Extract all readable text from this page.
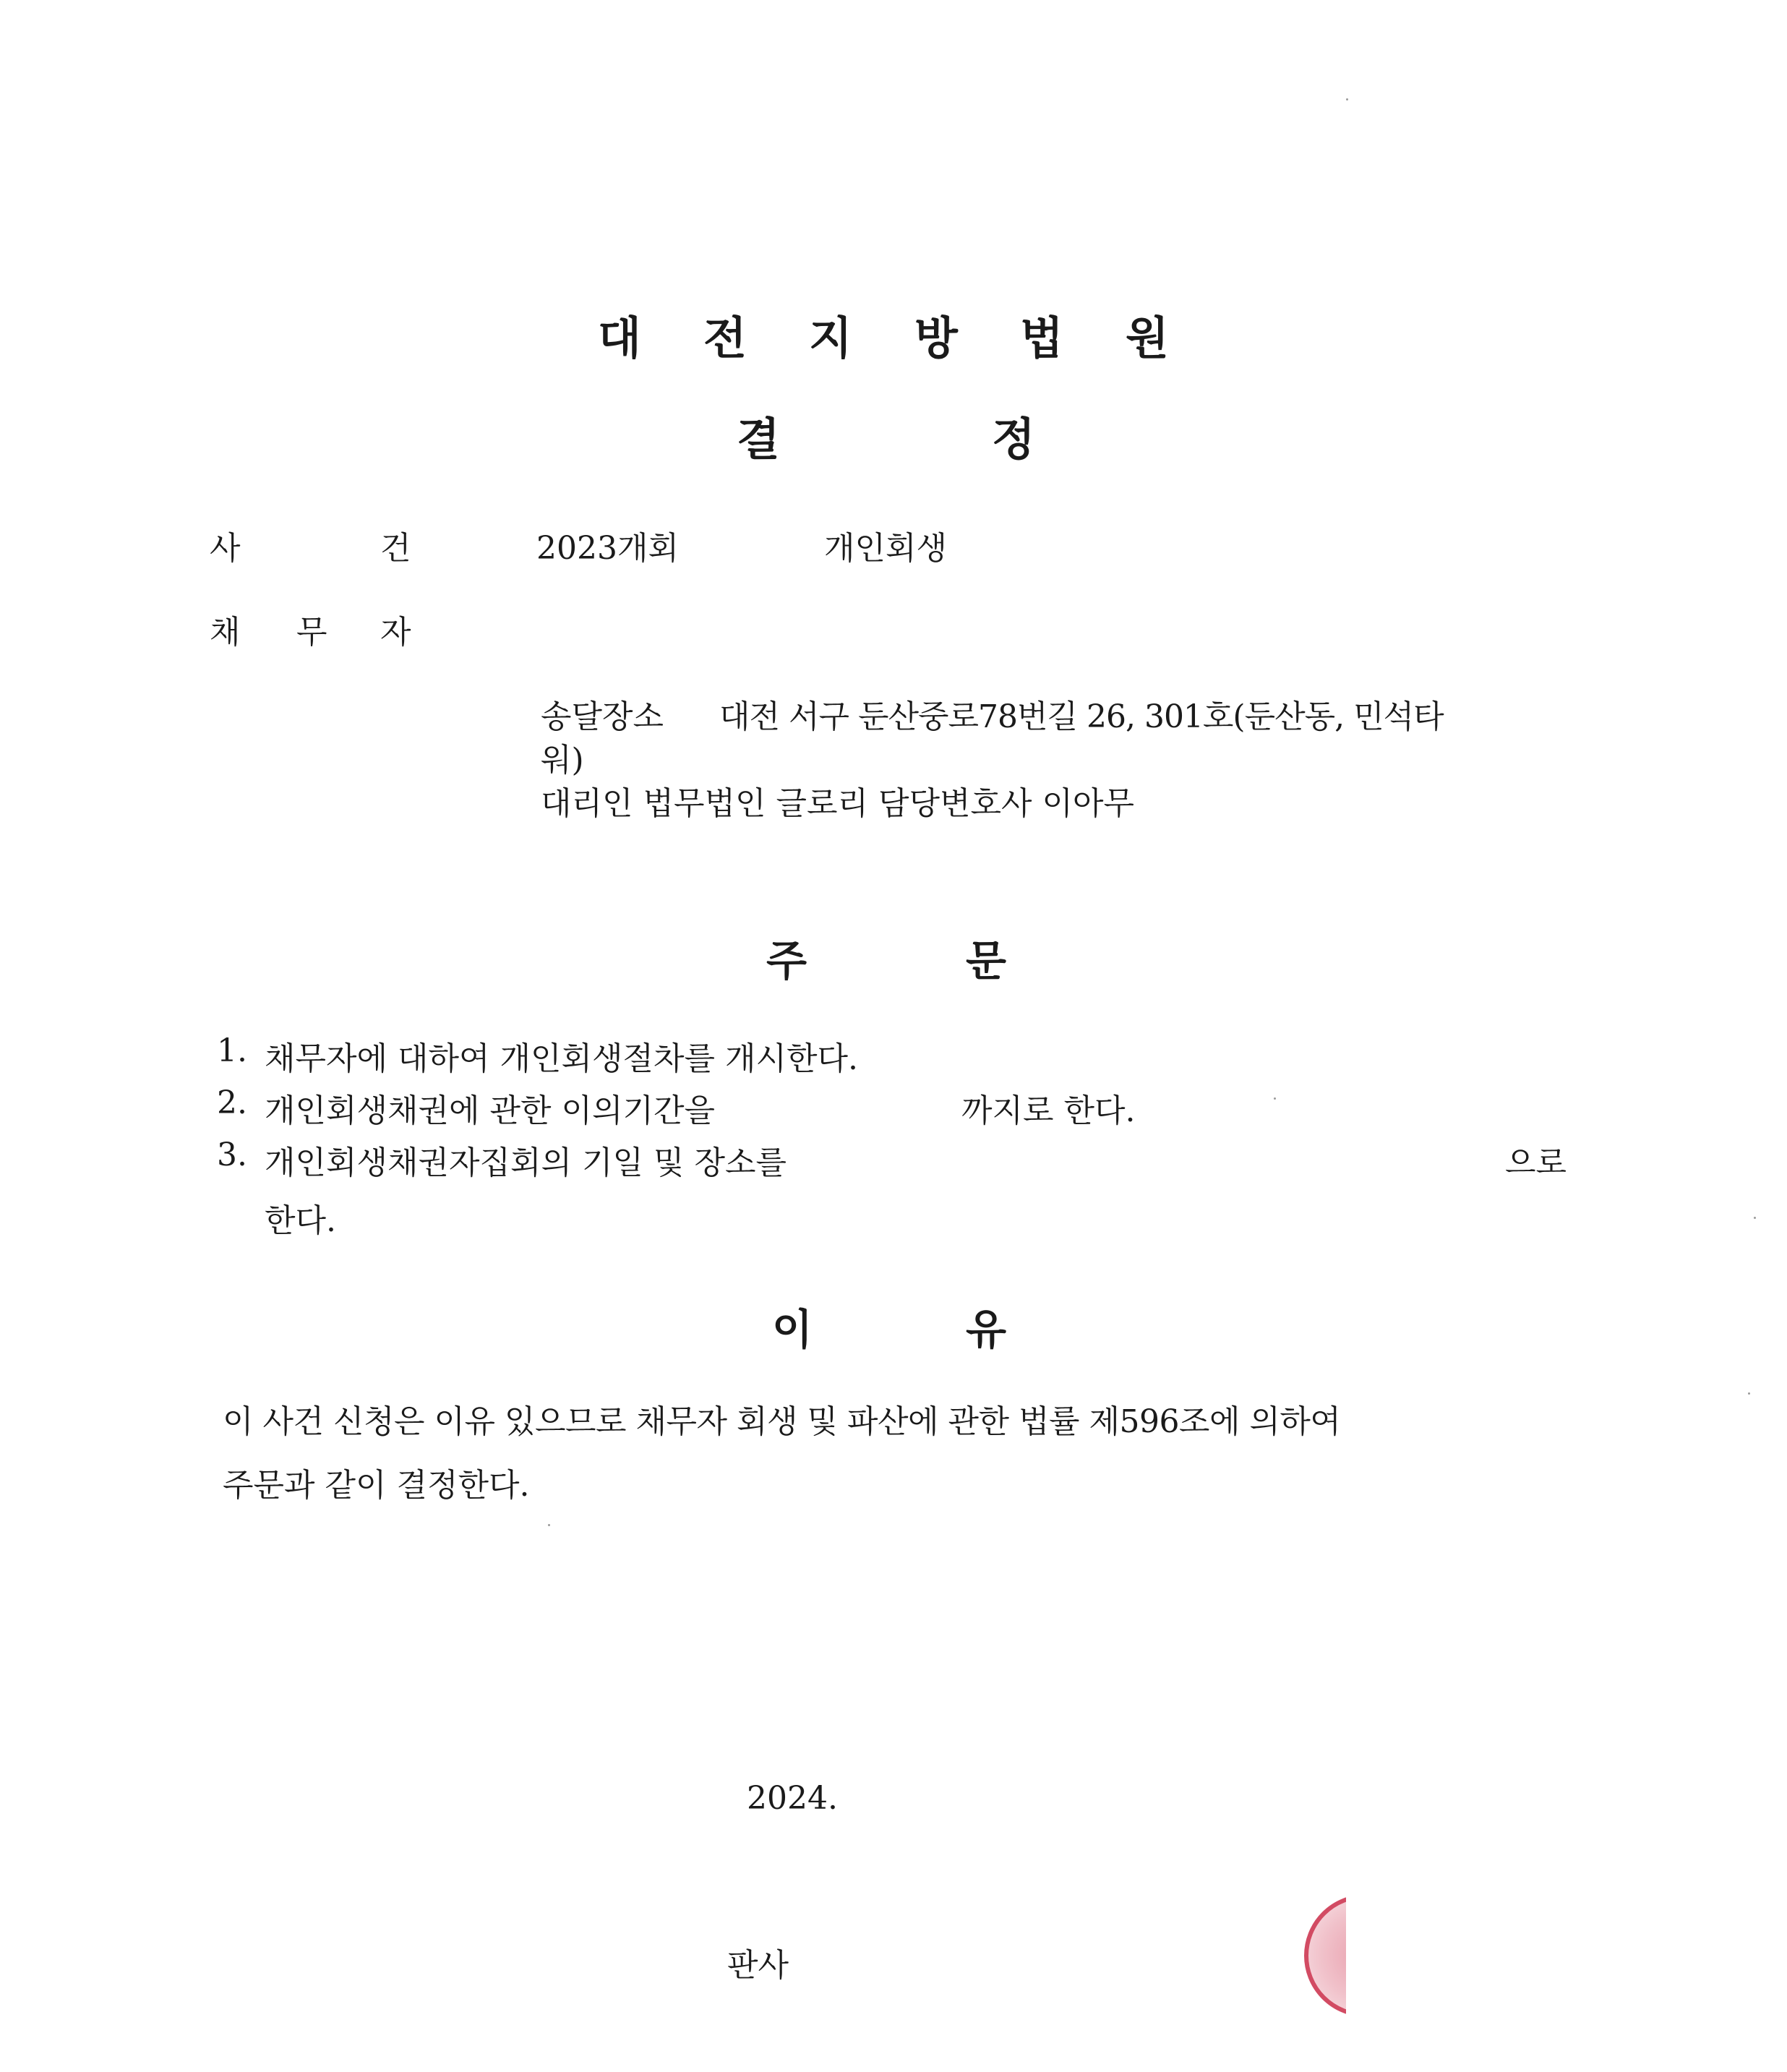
대 전 지 방 법 원
결	정
사	건	2023개회	개인회생
채 무 자
송달장소 대전 서구 둔산중로78번길 26, 301호(둔산동, 민석타
워)
대리인 법무법인 글로리 담당변호사 이아무
주	문
1. 채무자에 대하여 개인회생절차를 개시한다.
2. 개인회생채권에 관한 이의기간을	까지로 한다.
3. 개인회생채권자집회의 기일 및 장소를	으로
한다.
이	유
이 사건 신청은 이유 있으므로 채무자 회생 및 파산에 관한 법률 제596조에 의하여
주문과 같이 결정한다.
2024.
판사
